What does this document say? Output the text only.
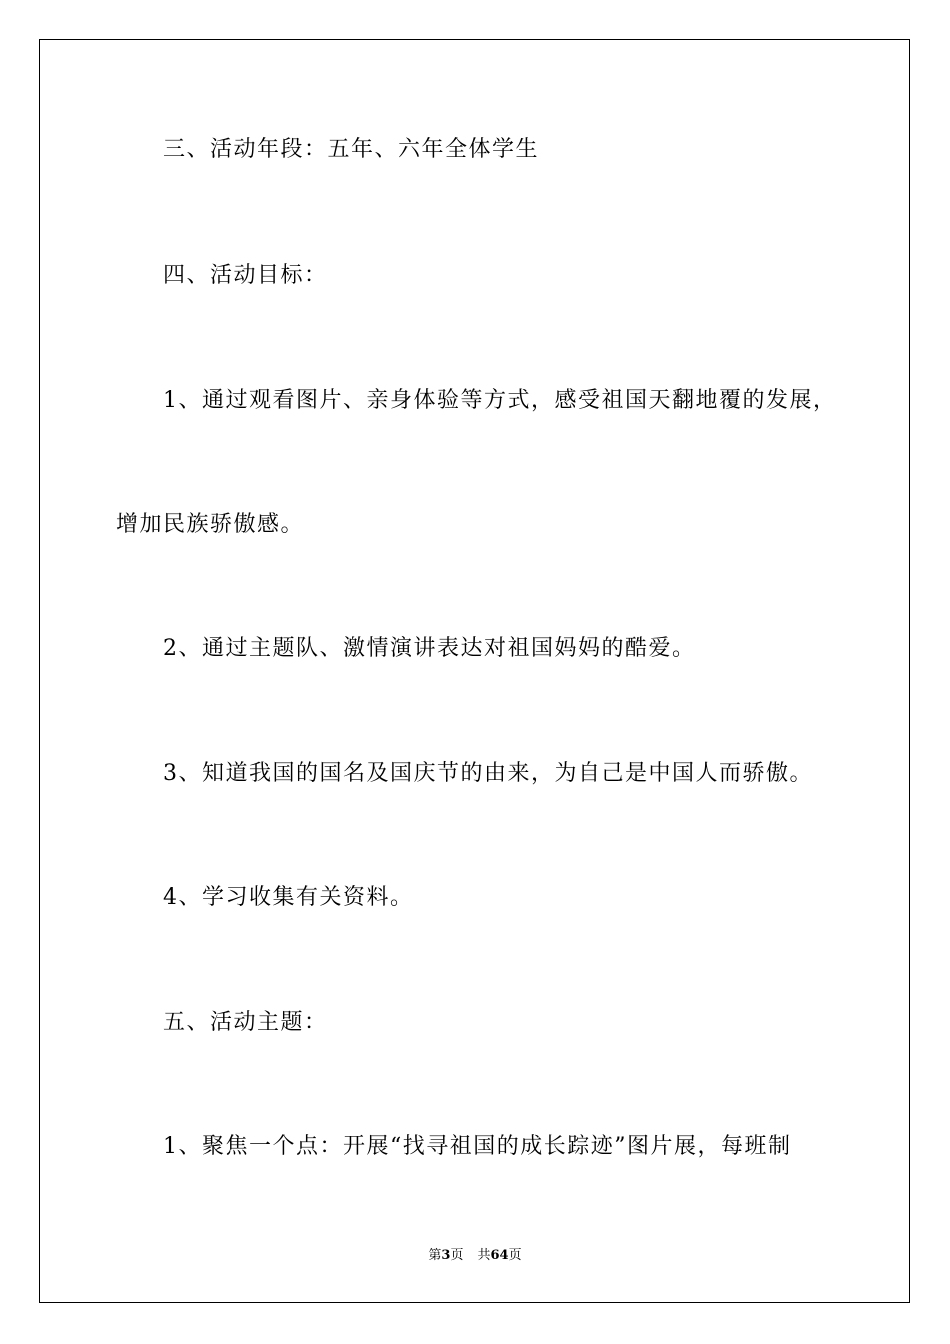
三、活动年段：五年、六年全体学生
四、活动目标：
1、通过观看图片、亲身体验等方式，感受祖国天翻地覆的发展，
增加民族骄傲感。
2、通过主题队、激情演讲表达对祖国妈妈的酷爱。
3、知道我国的国名及国庆节的由来，为自己是中国人而骄傲。
4、学习收集有关资料。
五、活动主题：
1、聚焦一个点：开展“找寻祖国的成长踪迹”图片展，每班制
第3页 共64页
